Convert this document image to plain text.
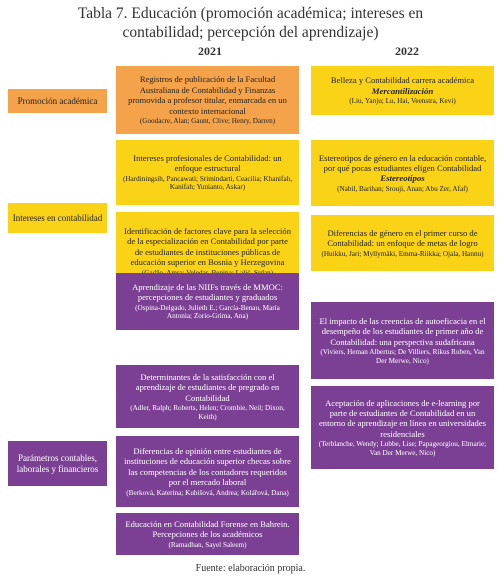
Tabla 7. Educación (promoción académica; intereses en
contabilidad; percepción del aprendizaje)
2021	2022
Promoción académica
Intereses en contabilidad
Parámetros contables, laborales y financieros
Registros de publicación de la Facultad Australiana de Contabilidad y Finanzas promovida a profesor titular, enmarcada en un contexto internacional
(Goodacre, Alan; Gaunt, Clive; Henry, Darren)
Intereses profesionales de Contabilidad: un enfoque estructural
(Hardiningsih, Pancawati; Srimindarti, Ceacilia; Khanifah, Kanifah; Yunianto, Askar)
Identificación de factores clave para la selección de la especialización en Contabilidad por parte de estudiantes de instituciones públicas de educación superior en Bosnia y Herzegovina
Aprendizaje de las NIIFs través de MMOC: percepciones de estudiantes y graduados
(Ospina-Delgado, Julieth E.; García-Benau, María Antonia; Zorio-Grima, Ana)
Determinantes de la satisfacción con el aprendizaje de estudiantes de pregrado en Contabilidad
(Adler, Ralph; Roberts, Helen; Crombie, Neil; Dixon, Keith)
Diferencias de opinión entre estudiantes de instituciones de educación superior checas sobre las competencias de los contadores requeridos por el mercado laboral
(Berková, Katerina; Kubišová, Andrea; Kolářová, Dana)
Educación en Contabilidad Forense en Bahrein. Percepciones de los académicos
(Ramadhan, Sayel Saleem)
Belleza y Contabilidad carrera académica
Mercantilización
(Liu, Yanju; Lu, Hai, Veenstra, Kevi)
Estereotipos de género en la educación contable, por qué pocas estudiantes eligen Contabilidad
Estereotipos
(Nabil, Barihan; Srouji, Anan; Abu Zer, Afaf)
Diferencias de género en el primer curso de Contabilidad: un enfoque de metas de logro
(Huikku, Jari; Myllymäki, Emma-Riikka; Ojala, Hannu)
El impacto de las creencias de autoeficacia en el desempeño de los estudiantes de primer año de Contabilidad: una perspectiva sudafricana
(Viviers, Heman Albertus; De Villiers, Rikus Ruben, Van Der Merwe, Nico)
Aceptación de aplicaciones de e-learning por parte de estudiantes de Contabilidad en un entorno de aprendizaje en línea en universidades residenciales
(Terblanche, Wendy; Lubbe, Lise; Papageorgiou, Elmarie; Van Der Merwe, Nico)
Fuente: elaboración propia.
